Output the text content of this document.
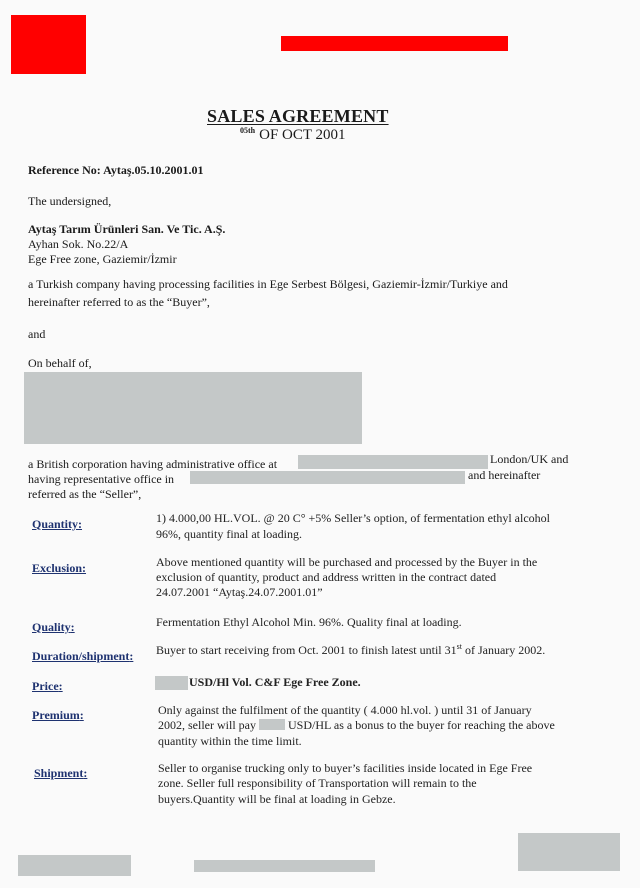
SALES AGREEMENT
$^{05th}$ OF OCT 2001
Reference No: Aytaş.05.10.2001.01
The undersigned,
Aytaş Tarım Ürünleri San. Ve Tic. A.Ş.
Ayhan Sok. No.22/A
Ege Free zone, Gaziemir/İzmir
a Turkish company having processing facilities in Ege Serbest Bölgesi, Gaziemir-İzmir/Turkiye and
hereinafter referred to as the “Buyer”,
and
On behalf of,
a British corporation having administrative office at	London/UK and
having representative office in	and hereinafter
referred as the “Seller”,
Quantity:	1) 4.000,00 HL.VOL. @ 20 C° +5% Seller’s option, of fermentation ethyl alcohol
96%, quantity final at loading.
Exclusion:	Above mentioned quantity will be purchased and processed by the Buyer in the
exclusion of quantity, product and address written in the contract dated
24.07.2001 “Aytaş.24.07.2001.01”
Quality:	Fermentation Ethyl Alcohol Min. 96%. Quality final at loading.
Duration/shipment: Buyer to start receiving from Oct. 2001 to finish latest until 31st of January 2002.
Price:	USD/Hl Vol. C&F Ege Free Zone.
Premium:	Only against the fulfilment of the quantity ( 4.000 hl.vol. ) until 31 of January
2002, seller will pay	USD/HL as a bonus to the buyer for reaching the above
quantity within the time limit.
Shipment:	Seller to organise trucking only to buyer’s facilities inside located in Ege Free
zone. Seller full responsibility of Transportation will remain to the
buyers.Quantity will be final at loading in Gebze.
